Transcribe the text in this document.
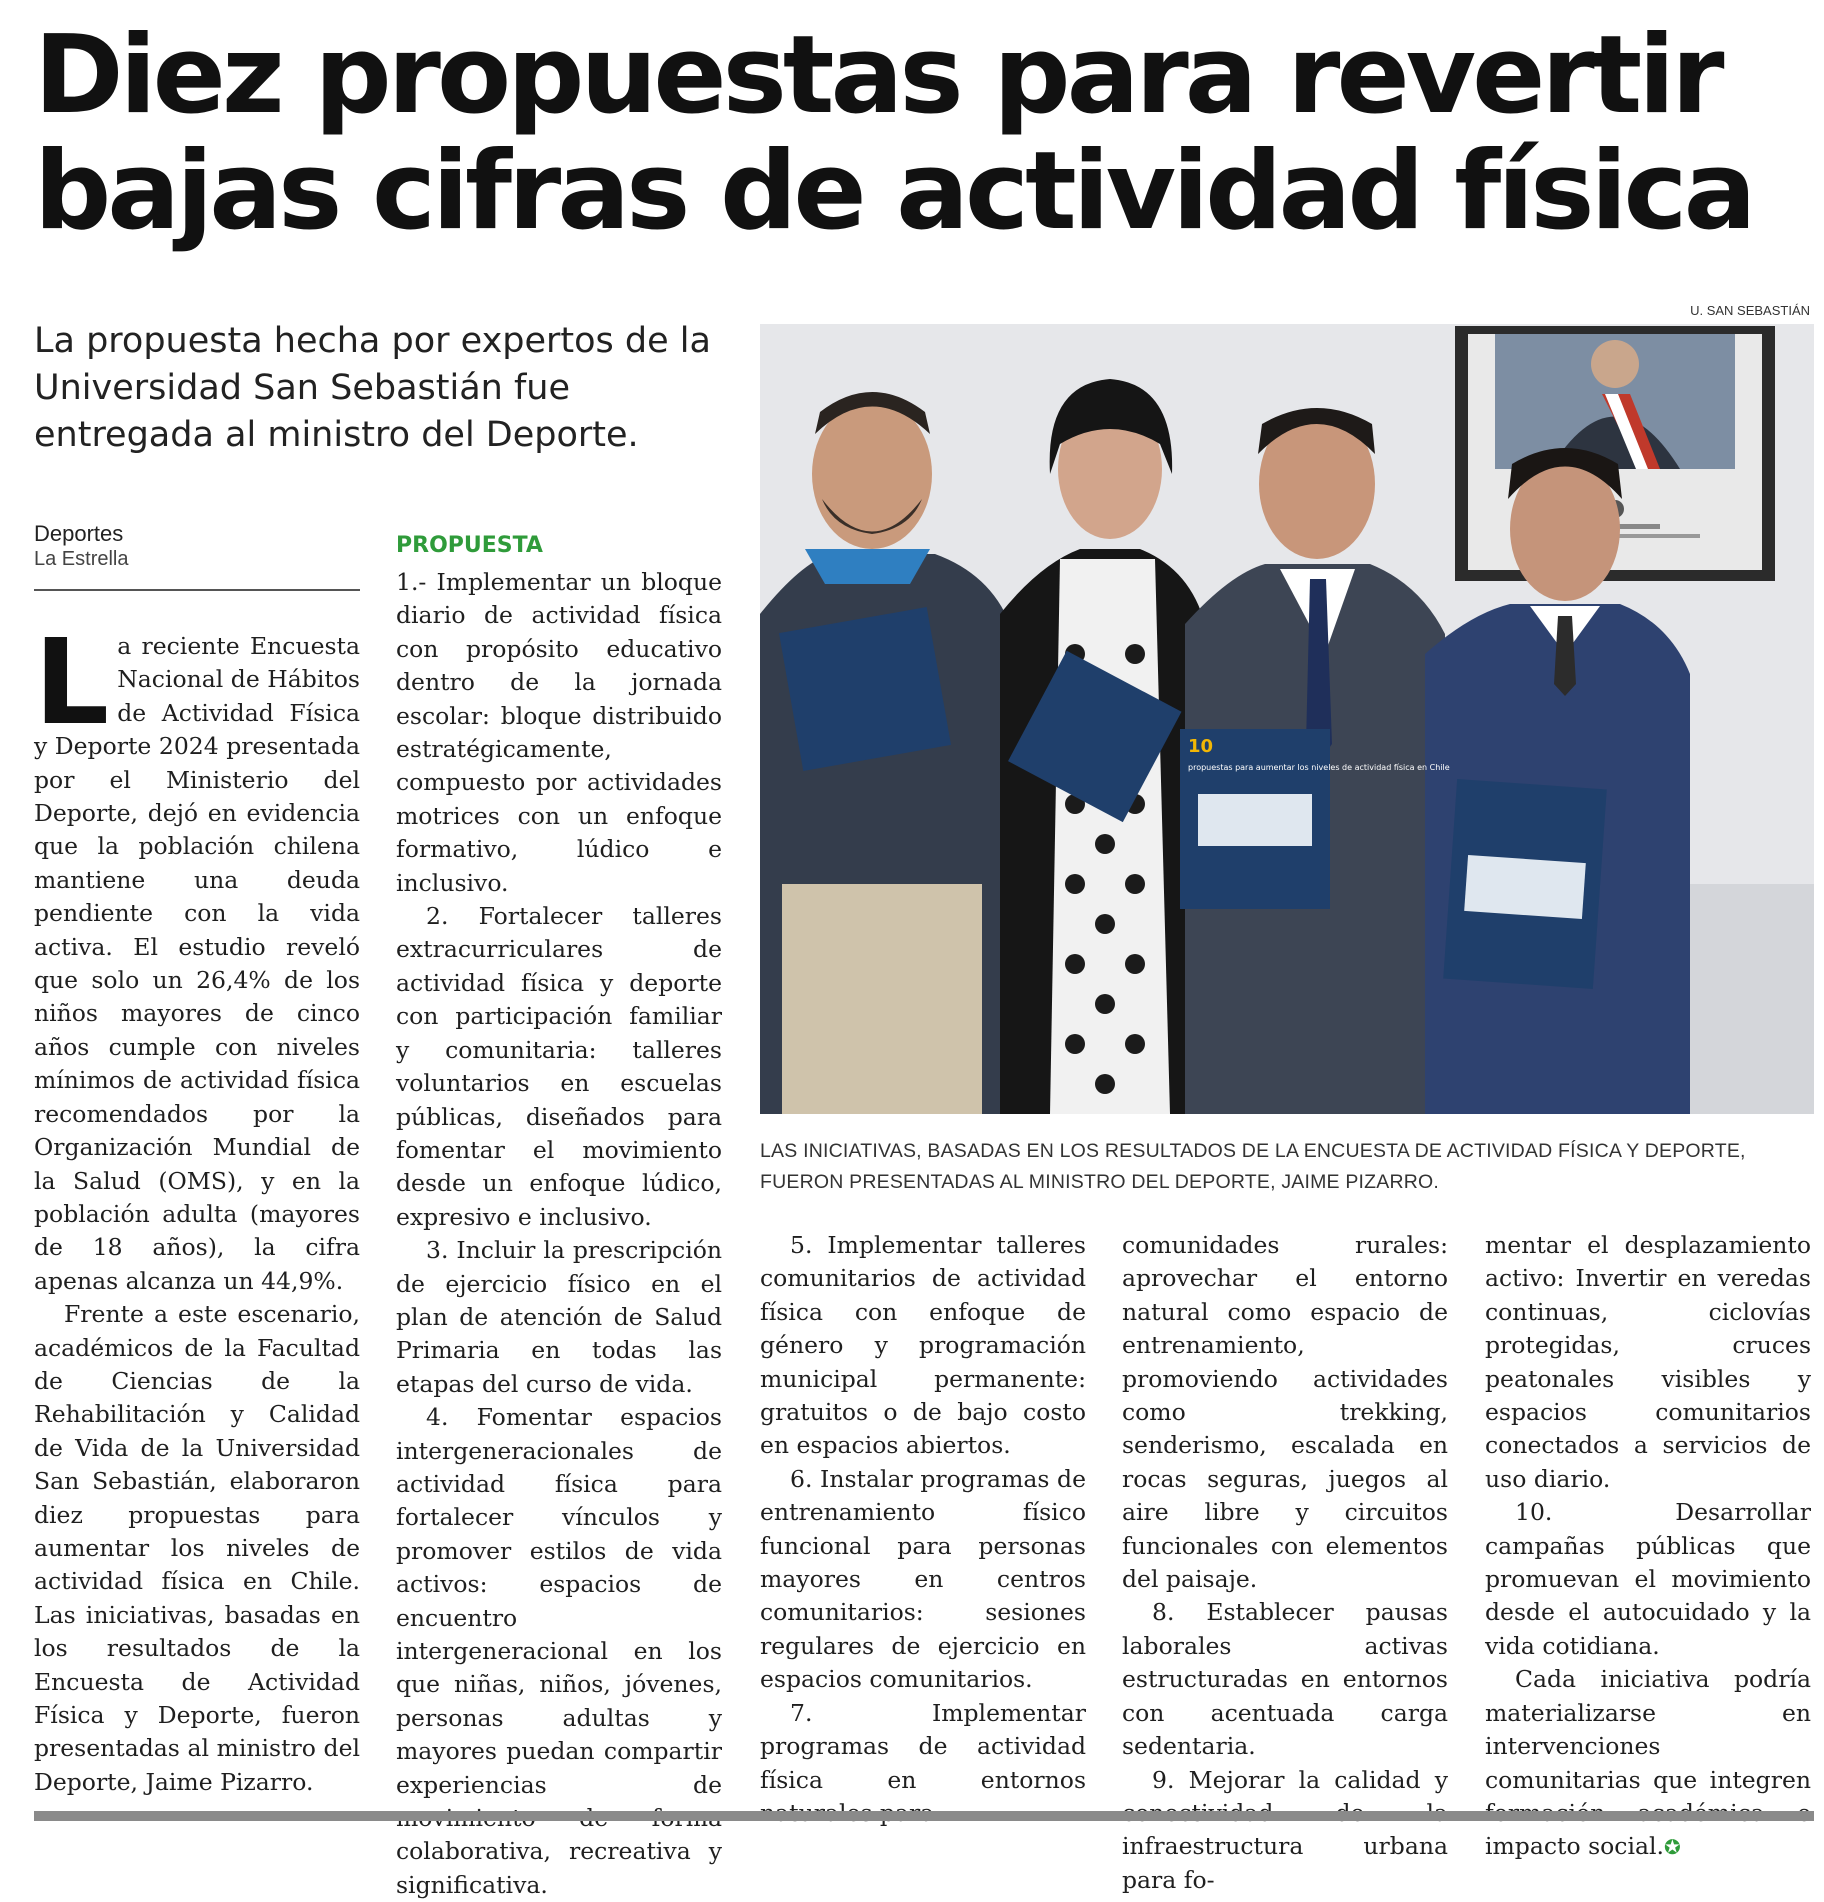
Diez propuestas para revertir
bajas cifras de actividad física
La propuesta hecha por expertos de la Universidad San Sebastián fue entregada al ministro del Deporte.
Deportes
La Estrella

La reciente Encuesta Nacional de Hábitos de Actividad Física y Deporte 2024 presentada por el Ministerio del Deporte, dejó en evidencia que la población chilena mantiene una deuda pendiente con la vida activa. El estudio reveló que solo un 26,4% de los niños mayores de cinco años cumple con niveles mínimos de actividad física recomendados por la Organización Mundial de la Salud (OMS), y en la población adulta (mayores de 18 años), la cifra apenas alcanza un 44,9%.

Frente a este escenario, académicos de la Facultad de Ciencias de la Rehabilitación y Calidad de Vida de la Universidad San Sebastián, elaboraron diez propuestas para aumentar los niveles de actividad física en Chile. Las iniciativas, basadas en los resultados de la Encuesta de Actividad Física y Deporte, fueron presentadas al ministro del Deporte, Jaime Pizarro.

PROPUESTA

1.- Implementar un bloque diario de actividad física con propósito educativo dentro de la jornada escolar: bloque distribuido estratégicamente, compuesto por actividades motrices con un enfoque formativo, lúdico e inclusivo.

2. Fortalecer talleres extracurriculares de actividad física y deporte con participación familiar y comunitaria: talleres voluntarios en escuelas públicas, diseñados para fomentar el movimiento desde un enfoque lúdico, expresivo e inclusivo.

3. Incluir la prescripción de ejercicio físico en el plan de atención de Salud Primaria en todas las etapas del curso de vida.

4. Fomentar espacios intergeneracionales de actividad física para fortalecer vínculos y promover estilos de vida activos: espacios de encuentro intergeneracional en los que niñas, niños, jóvenes, personas adultas y mayores puedan compartir experiencias de colaborativa, recreativa y significativa.

U. SAN SEBASTIÁN
10
propuestas para aumentar los niveles de actividad física en Chile
LAS INICIATIVAS, BASADAS EN LOS RESULTADOS DE LA ENCUESTA DE ACTIVIDAD FÍSICA Y DEPORTE,
FUERON PRESENTADAS AL MINISTRO DEL DEPORTE, JAIME PIZARRO.

5. Implementar talleres comunitarios de actividad física con enfoque de género y programación municipal permanente: gratuitos o de bajo costo en espacios abiertos.

6. Instalar programas de entrenamiento físico funcional para personas mayores en centros comunitarios: sesiones regulares de ejercicio en espacios comunitarios.

7. Implementar programas de actividad física en entornos

comunidades rurales: aprovechar el entorno natural como espacio de entrenamiento, promoviendo actividades como trekking, senderismo, escalada en rocas seguras, juegos al aire libre y circuitos funcionales con elementos del paisaje.

8. Establecer pausas laborales activas estructuradas en entornos con acentuada carga sedentaria.

9. Mejorar la calidad y infraestructura urbana para fo-

mentar el desplazamiento activo: Invertir en veredas continuas, ciclovías protegidas, cruces peatonales visibles y espacios comunitarios conectados a servicios de uso diario.

10. Desarrollar campañas públicas que promuevan el movimiento desde el autocuidado y la vida cotidiana.

Cada iniciativa podría materializarse en intervenciones comunitarias que integren impacto social.✪
